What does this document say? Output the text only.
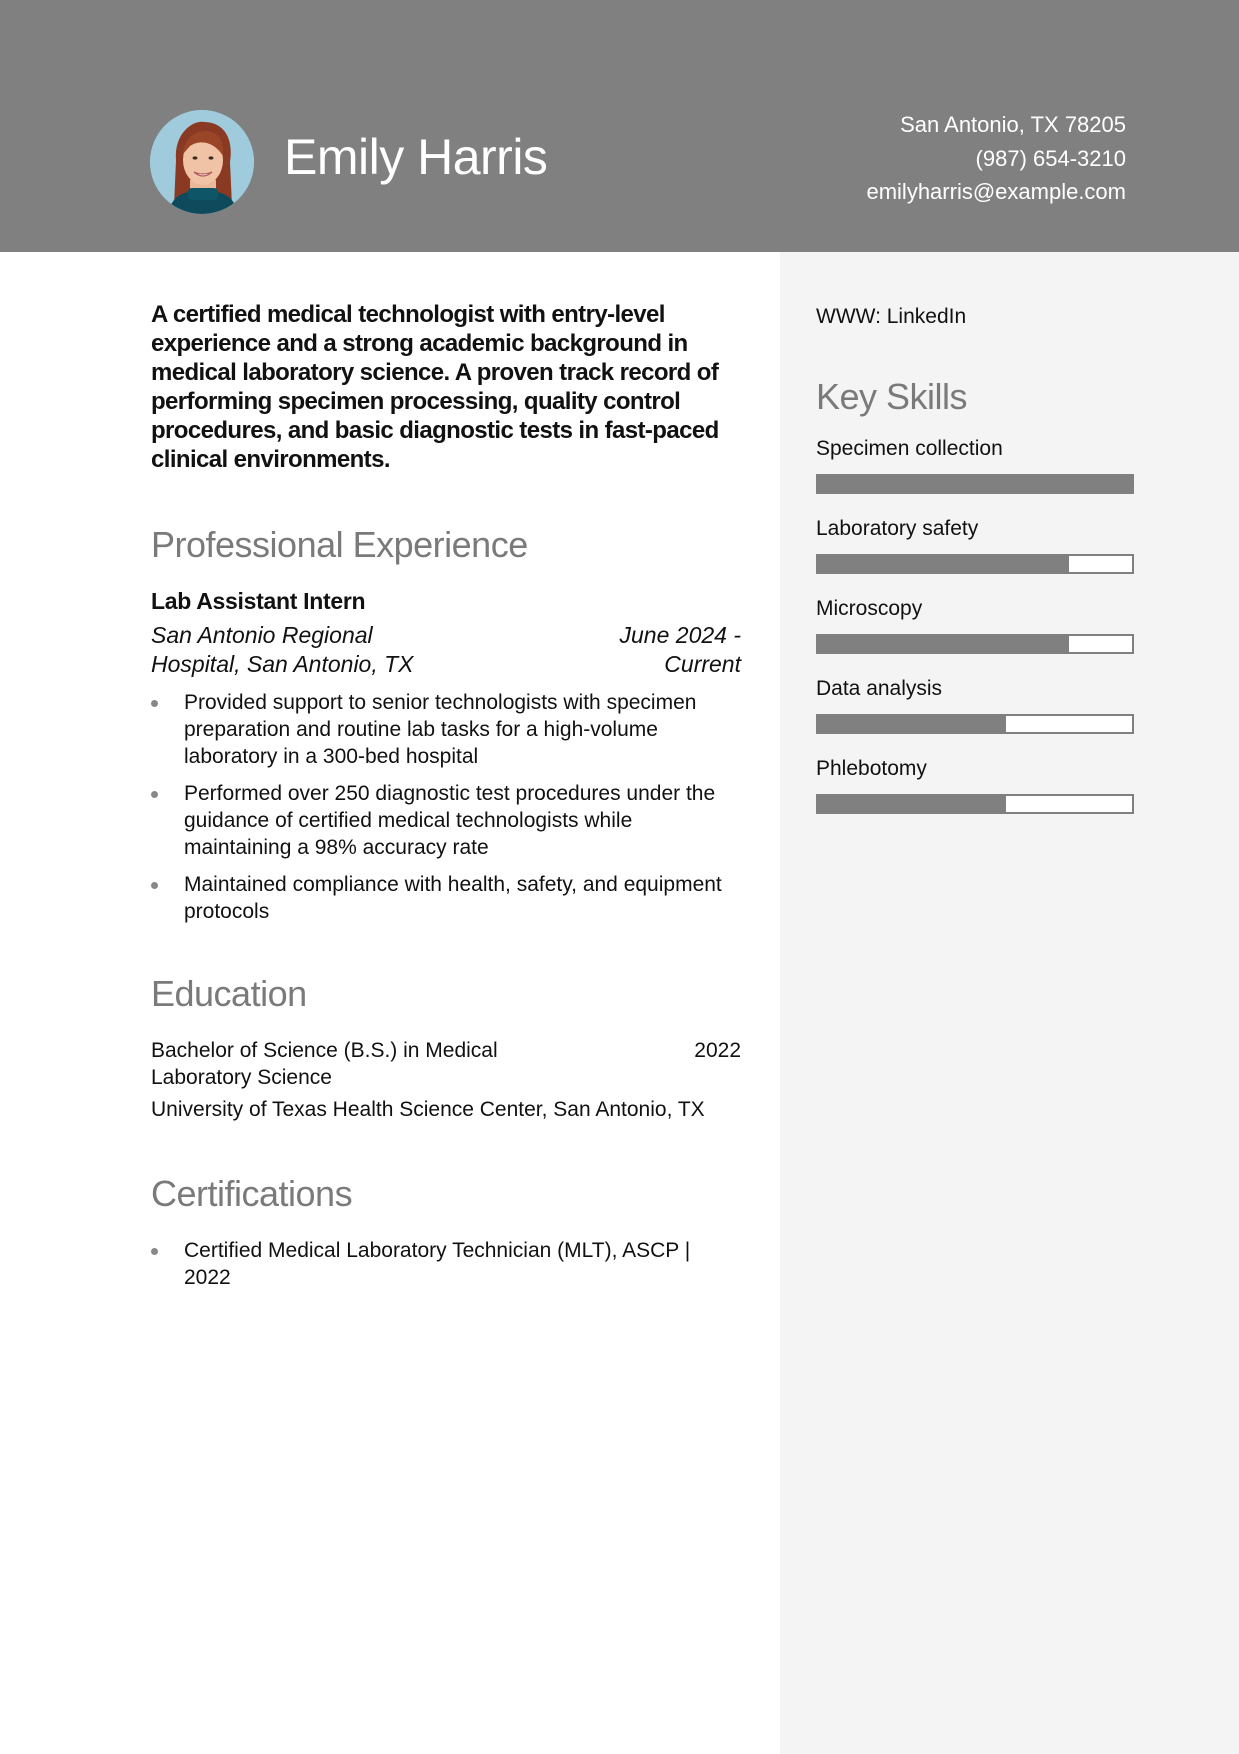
Emily Harris
San Antonio, TX 78205
(987) 654-3210
emilyharris@example.com

A certified medical technologist with entry-level experience and a strong academic background in medical laboratory science. A proven track record of performing specimen processing, quality control procedures, and basic diagnostic tests in fast-paced clinical environments.

Professional Experience
Lab Assistant Intern
San Antonio Regional Hospital, San Antonio, TX
June 2024 - Current
Provided support to senior technologists with specimen preparation and routine lab tasks for a high-volume laboratory in a 300-bed hospital
Performed over 250 diagnostic test procedures under the guidance of certified medical technologists while maintaining a 98% accuracy rate
Maintained compliance with health, safety, and equipment protocols
Education
Bachelor of Science (B.S.) in Medical Laboratory Science
2022
University of Texas Health Science Center, San Antonio, TX
Certifications
Certified Medical Laboratory Technician (MLT), ASCP | 2022

WWW: LinkedIn

Key Skills

Specimen collection

Laboratory safety

Microscopy

Data analysis

Phlebotomy
